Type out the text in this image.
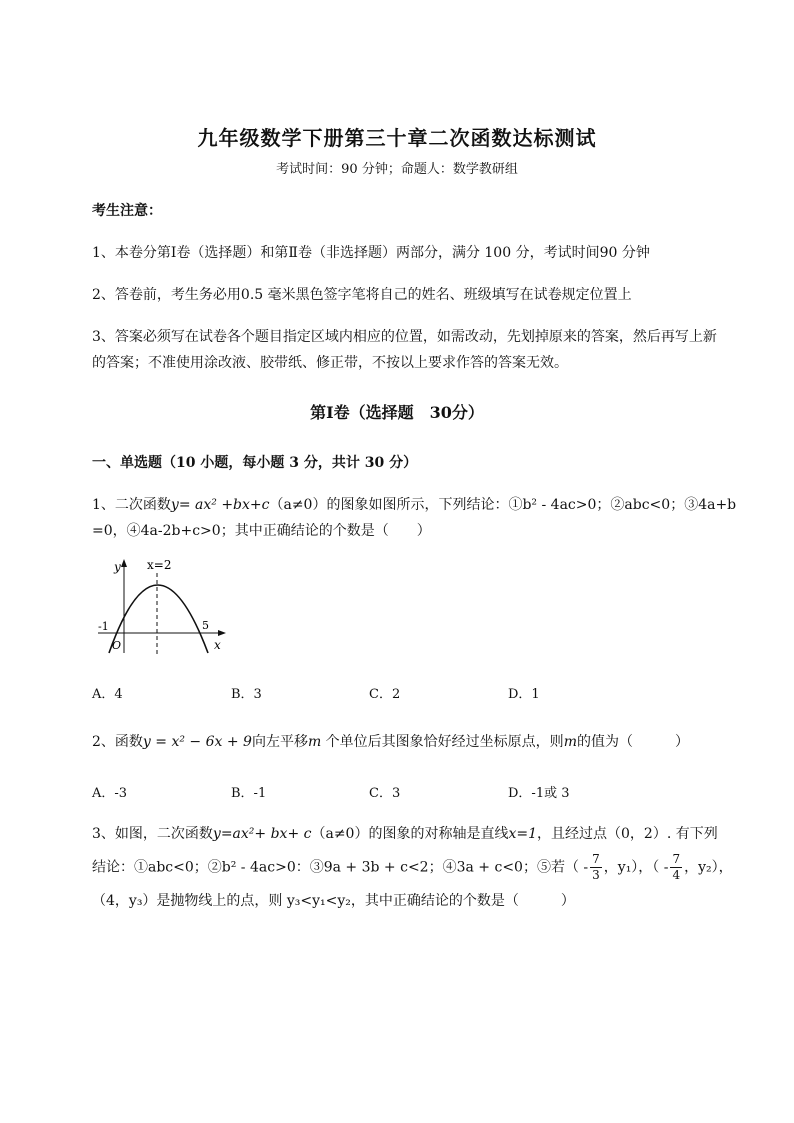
九年级数学下册第三十章二次函数达标测试
考试时间：90 分钟；命题人：数学教研组
考生注意：
1、本卷分第Ⅰ卷（选择题）和第Ⅱ卷（非选择题）两部分，满分 100 分，考试时间90 分钟
2、答卷前，考生务必用0.5 毫米黑色签字笔将自己的姓名、班级填写在试卷规定位置上
3、答案必须写在试卷各个题目指定区域内相应的位置，如需改动，先划掉原来的答案，然后再写上新
的答案；不准使用涂改液、胶带纸、修正带，不按以上要求作答的答案无效。
第Ⅰ卷（选择题　30分）
一、单选题（10 小题，每小题 3 分，共计 30 分）
1、二次函数y= ax² +bx+c（a≠0）的图象如图所示，下列结论：①b² - 4ac>0；②abc<0；③4a+b
=0，④4a-2b+c>0；其中正确结论的个数是（　　）
x
y x=2
-1	5
O
A．4	B．3	C．2	D．1
2、函数y = x² − 6x + 9向左平移m 个单位后其图象恰好经过坐标原点，则m的值为（　　　）
A．-3	B．-1	C．3	D．-1或 3
3、如图，二次函数y=ax²+ bx+ c（a≠0）的图象的对称轴是直线x=1，且经过点（0，2）. 有下列
结论：①abc<0；②b² - 4ac>0：③9a + 3b + c<2；④3a + c<0；⑤若（ - $\frac{7}{3}$ ，y₁），（ - $\frac{7}{4}$ ，y₂），
（4，y₃）是抛物线上的点，则 y₃<y₁<y₂，其中正确结论的个数是（　　　）
